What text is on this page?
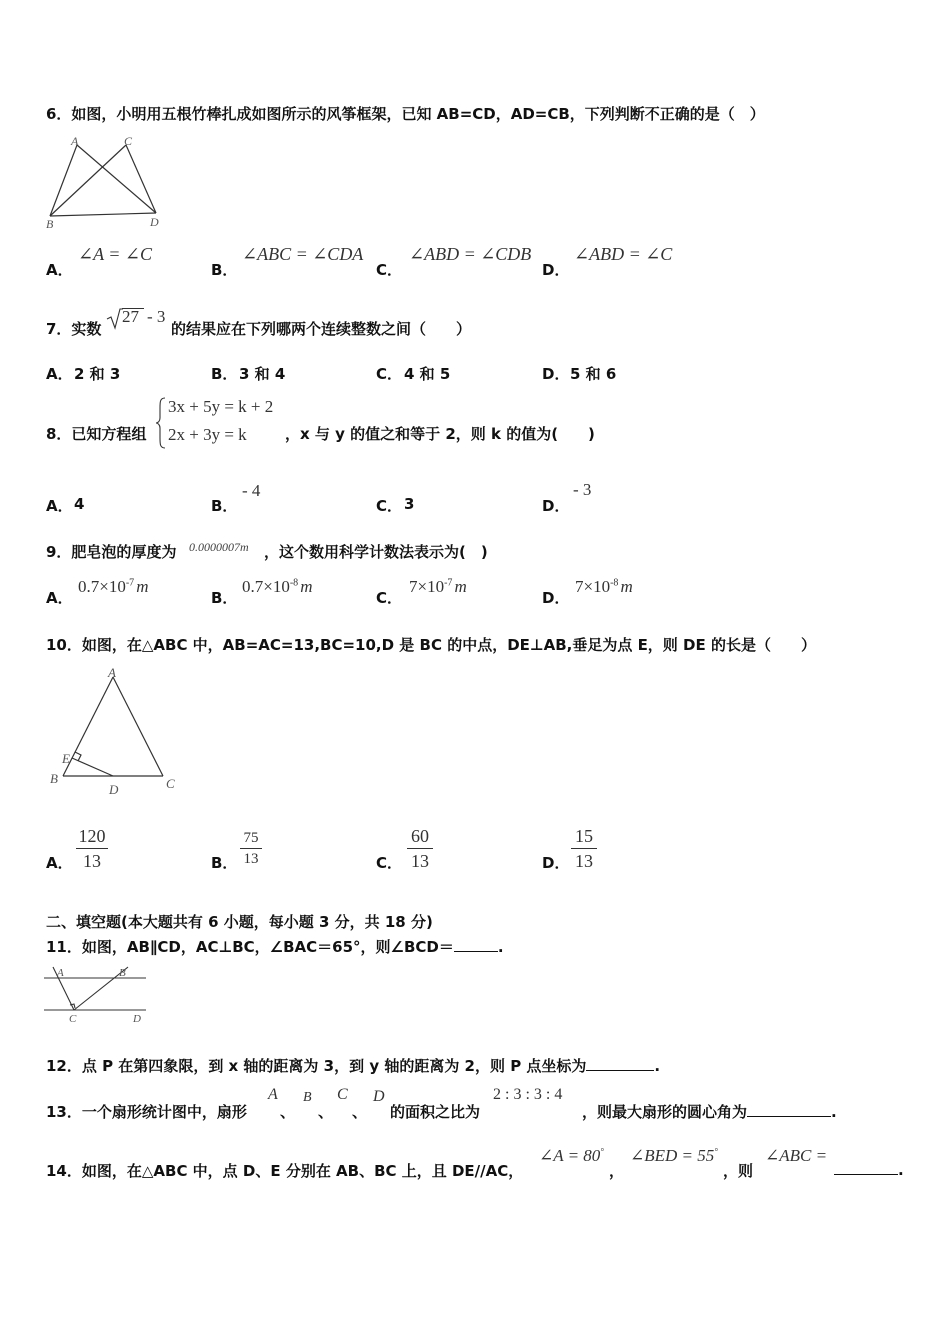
6．如图，小明用五根竹棒扎成如图所示的风筝框架，已知 AB=CD，AD=CB，下列判断不正确的是（　）
A	C
B	D
A．
∠A = ∠C
B．
∠ABC = ∠CDA
C．
∠ABD = ∠CDB
D．
∠ABD = ∠C
7．实数
27 - 3
的结果应在下列哪两个连续整数之间（　　）
A． 2 和 3	B． 3 和 4	C． 4 和 5	D． 5 和 6
8．已知方程组
3x + 5y = k + 2
2x + 3y = k	，x 与 y 的值之和等于 2，则 k 的值为(　　)
A． 4	B．
- 4
C． 3	D．
- 3
9．肥皂泡的厚度为 0.0000007m ，这个数用科学计数法表示为(　)
A．
$0.7\times 10^{-7}$ m
B．
$0.7\times 10^{-8}$ m
C．
$7\times 10^{-7}$ m
D．
$7\times 10^{-8}$ m
10．如图，在△ABC 中，AB=AC=13,BC=10,D 是 BC 的中点，DE⊥AB,垂足为点 E，则 DE 的长是（　　）
A
E
B
D	C
A． $\frac{120}{13}$	B． $\frac{75}{13}$	C． $\frac{60}{13}$	D． $\frac{15}{13}$
二、填空题(本大题共有 6 小题，每小题 3 分，共 18 分)
11．如图，AB∥CD，AC⊥BC，∠BAC＝65°，则∠BCD＝	.
A	B
C	D
12．点 P 在第四象限，到 x 轴的距离为 3，到 y 轴的距离为 2，则 P 点坐标为	.
13．一个扇形统计图中，扇形
A
、
B
、
C
、
D
的面积之比为
2 : 3 : 3 : 4
，则最大扇形的圆心角为	.
14．如图，在△ABC 中，点 D、E 分别在 AB、BC 上，且 DE//AC，
∠A = 80°
，
∠BED = 55°
，则
∠ABC =
.
